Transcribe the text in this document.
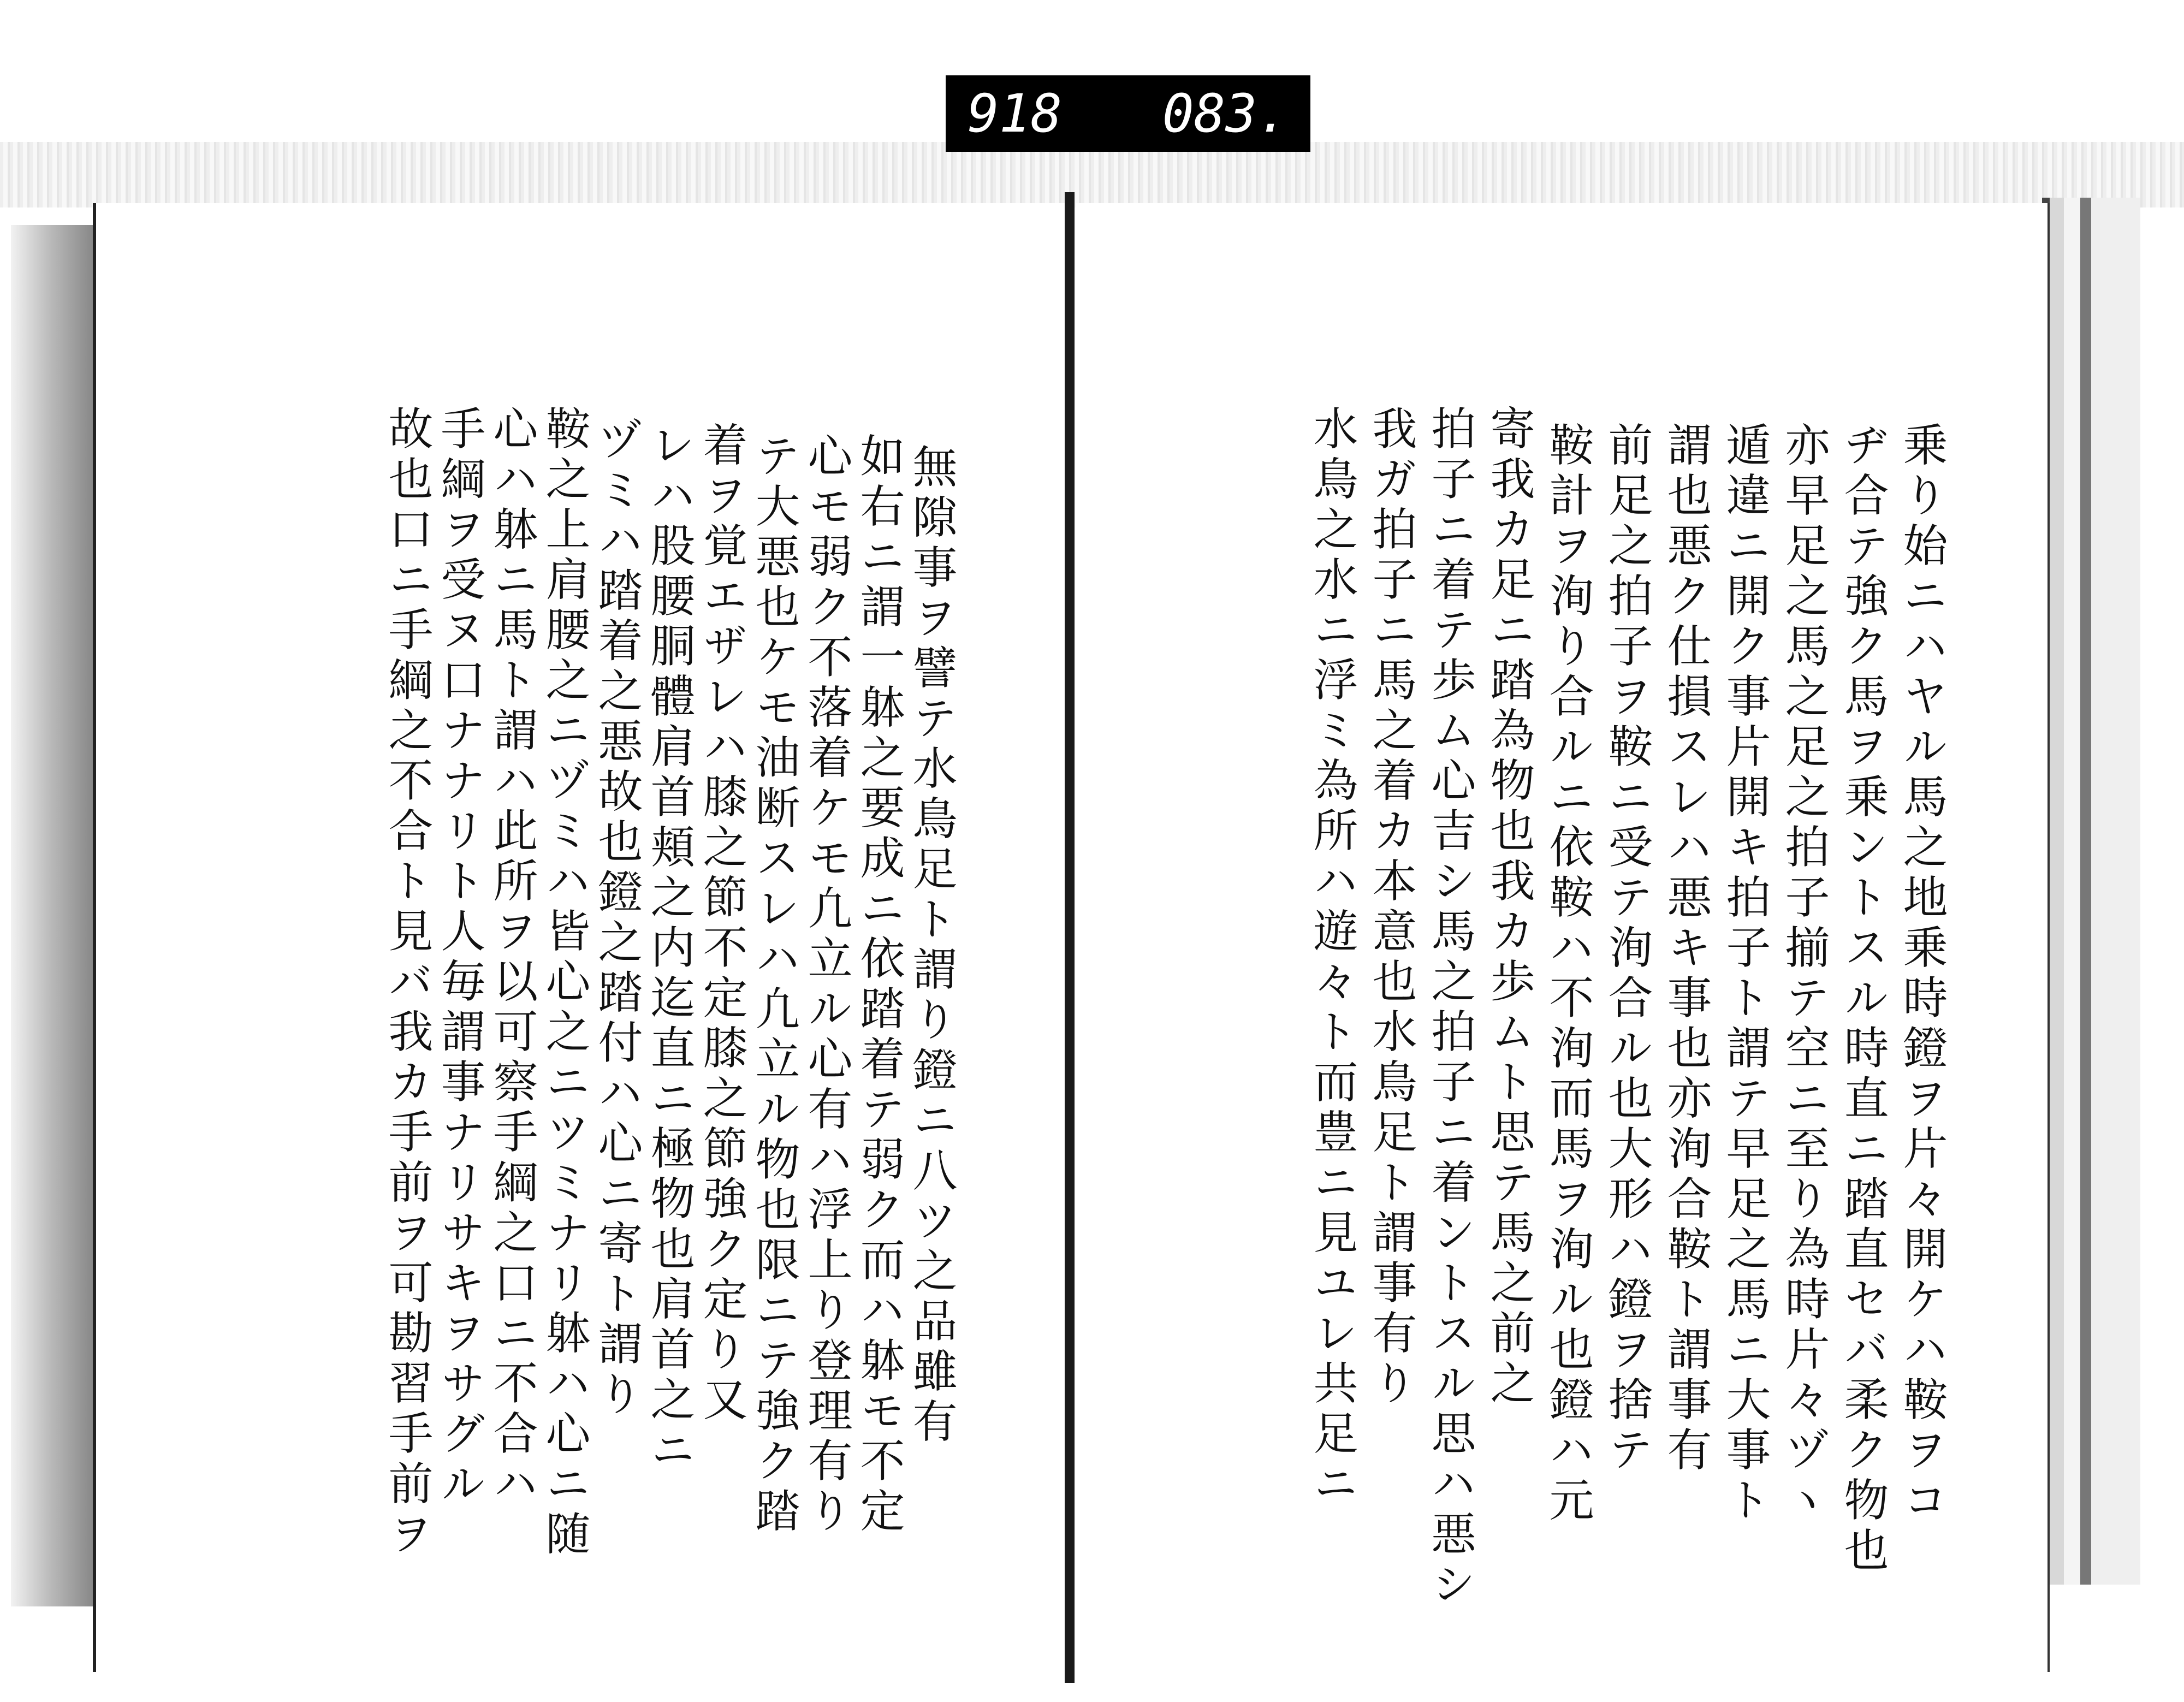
918 083.
無隙事ヲ譬テ水鳥足ト謂り鐙ニ八ツ之品雖有
如右ニ謂一躰之要成ニ依踏着テ弱ク而ハ躰モ不定
心モ弱ク不落着ケモ凢立ル心有ハ浮上り登理有り
テ大悪也ケモ油断スレハ凢立ル物也限ニテ強ク踏
着ヲ覚エザレハ膝之節不定膝之節強ク定り又
レハ股腰胴體肩首頬之内迄直ニ極物也肩首之ニ
ヅミハ踏着之悪故也鐙之踏付ハ心ニ寄ト謂り
鞍之上肩腰之ニヅミハ皆心之ニツミナリ躰ハ心ニ随
心ハ躰ニ馬ト謂ハ此所ヲ以可察手綱之口ニ不合ハ
手綱ヲ受ヌ口ナナリト人毎謂事ナリサキヲサグル
故也口ニ手綱之不合ト見バ我カ手前ヲ可勘習手前ヲ	乗り始ニハヤル馬之地乗時鐙ヲ片々開ケハ鞍ヲコ
ヂ合テ強ク馬ヲ乗ントスル時直ニ踏直セバ柔ク物也
亦早足之馬之足之拍子揃テ空ニ至り為時片々ヅヽ
遁違ニ開ク事片開キ拍子ト謂テ早足之馬ニ大事ト
謂也悪ク仕損スレハ悪キ事也亦洵合鞍ト謂事有
前足之拍子ヲ鞍ニ受テ洵合ル也大形ハ鐙ヲ捨テ
鞍計ヲ洵り合ルニ依鞍ハ不洵而馬ヲ洵ル也鐙ハ元
寄我カ足ニ踏為物也我カ歩ムト思テ馬之前之
拍子ニ着テ歩ム心吉シ馬之拍子ニ着ントスル思ハ悪シ
我ガ拍子ニ馬之着カ本意也水鳥足ト謂事有り
水鳥之水ニ浮ミ為所ハ遊々ト而豊ニ見ユレ共足ニ
